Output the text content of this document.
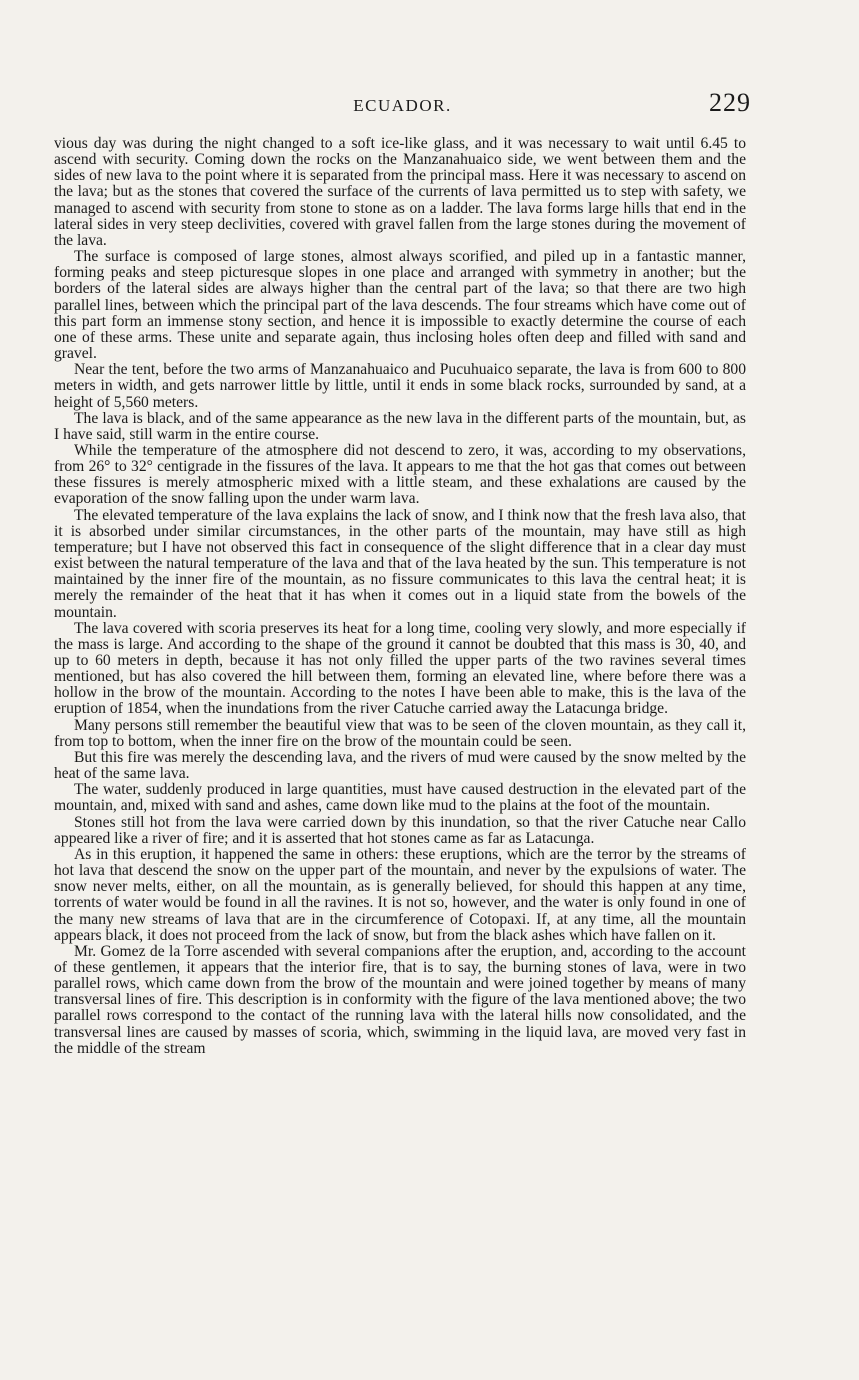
ECUADOR.	229

vious day was during the night changed to a soft ice-like glass, and it was necessary to wait until 6.45 to ascend with security. Coming down the rocks on the Manzanahuaico side, we went between them and the sides of new lava to the point where it is separated from the principal mass. Here it was necessary to ascend on the lava; but as the stones that covered the surface of the currents of lava permitted us to step with safety, we managed to ascend with security from stone to stone as on a ladder. The lava forms large hills that end in the lateral sides in very steep declivities, covered with gravel fallen from the large stones during the movement of the lava.

The surface is composed of large stones, almost always scorified, and piled up in a fantastic manner, forming peaks and steep picturesque slopes in one place and arranged with symmetry in another; but the borders of the lateral sides are always higher than the central part of the lava; so that there are two high parallel lines, between which the principal part of the lava descends. The four streams which have come out of this part form an immense stony section, and hence it is impossible to exactly determine the course of each one of these arms. These unite and separate again, thus inclosing holes often deep and filled with sand and gravel.

Near the tent, before the two arms of Manzanahuaico and Pucuhuaico separate, the lava is from 600 to 800 meters in width, and gets narrower little by little, until it ends in some black rocks, surrounded by sand, at a height of 5,560 meters.

The lava is black, and of the same appearance as the new lava in the different parts of the mountain, but, as I have said, still warm in the entire course.

While the temperature of the atmosphere did not descend to zero, it was, according to my observations, from 26° to 32° centigrade in the fissures of the lava. It appears to me that the hot gas that comes out between these fissures is merely atmospheric mixed with a little steam, and these exhalations are caused by the evaporation of the snow falling upon the under warm lava.

The elevated temperature of the lava explains the lack of snow, and I think now that the fresh lava also, that it is absorbed under similar circumstances, in the other parts of the mountain, may have still as high temperature; but I have not observed this fact in consequence of the slight difference that in a clear day must exist between the natural temperature of the lava and that of the lava heated by the sun. This temperature is not maintained by the inner fire of the mountain, as no fissure communicates to this lava the central heat; it is merely the remainder of the heat that it has when it comes out in a liquid state from the bowels of the mountain.

The lava covered with scoria preserves its heat for a long time, cooling very slowly, and more especially if the mass is large. And according to the shape of the ground it cannot be doubted that this mass is 30, 40, and up to 60 meters in depth, because it has not only filled the upper parts of the two ravines several times mentioned, but has also covered the hill between them, forming an elevated line, where before there was a hollow in the brow of the mountain. According to the notes I have been able to make, this is the lava of the eruption of 1854, when the inundations from the river Catuche carried away the Latacunga bridge.

Many persons still remember the beautiful view that was to be seen of the cloven mountain, as they call it, from top to bottom, when the inner fire on the brow of the mountain could be seen.

But this fire was merely the descending lava, and the rivers of mud were caused by the snow melted by the heat of the same lava.

The water, suddenly produced in large quantities, must have caused destruction in the elevated part of the mountain, and, mixed with sand and ashes, came down like mud to the plains at the foot of the mountain.

Stones still hot from the lava were carried down by this inundation, so that the river Catuche near Callo appeared like a river of fire; and it is asserted that hot stones came as far as Latacunga.

As in this eruption, it happened the same in others: these eruptions, which are the terror by the streams of hot lava that descend the snow on the upper part of the mountain, and never by the expulsions of water. The snow never melts, either, on all the mountain, as is generally believed, for should this happen at any time, torrents of water would be found in all the ravines. It is not so, however, and the water is only found in one of the many new streams of lava that are in the circumference of Cotopaxi. If, at any time, all the mountain appears black, it does not proceed from the lack of snow, but from the black ashes which have fallen on it.

Mr. Gomez de la Torre ascended with several companions after the eruption, and, according to the account of these gentlemen, it appears that the interior fire, that is to say, the burning stones of lava, were in two parallel rows, which came down from the brow of the mountain and were joined together by means of many transversal lines of fire. This description is in conformity with the figure of the lava mentioned above; the two parallel rows correspond to the contact of the running lava with the lateral hills now consolidated, and the transversal lines are caused by masses of scoria, which, swimming in the liquid lava, are moved very fast in the middle of the stream
